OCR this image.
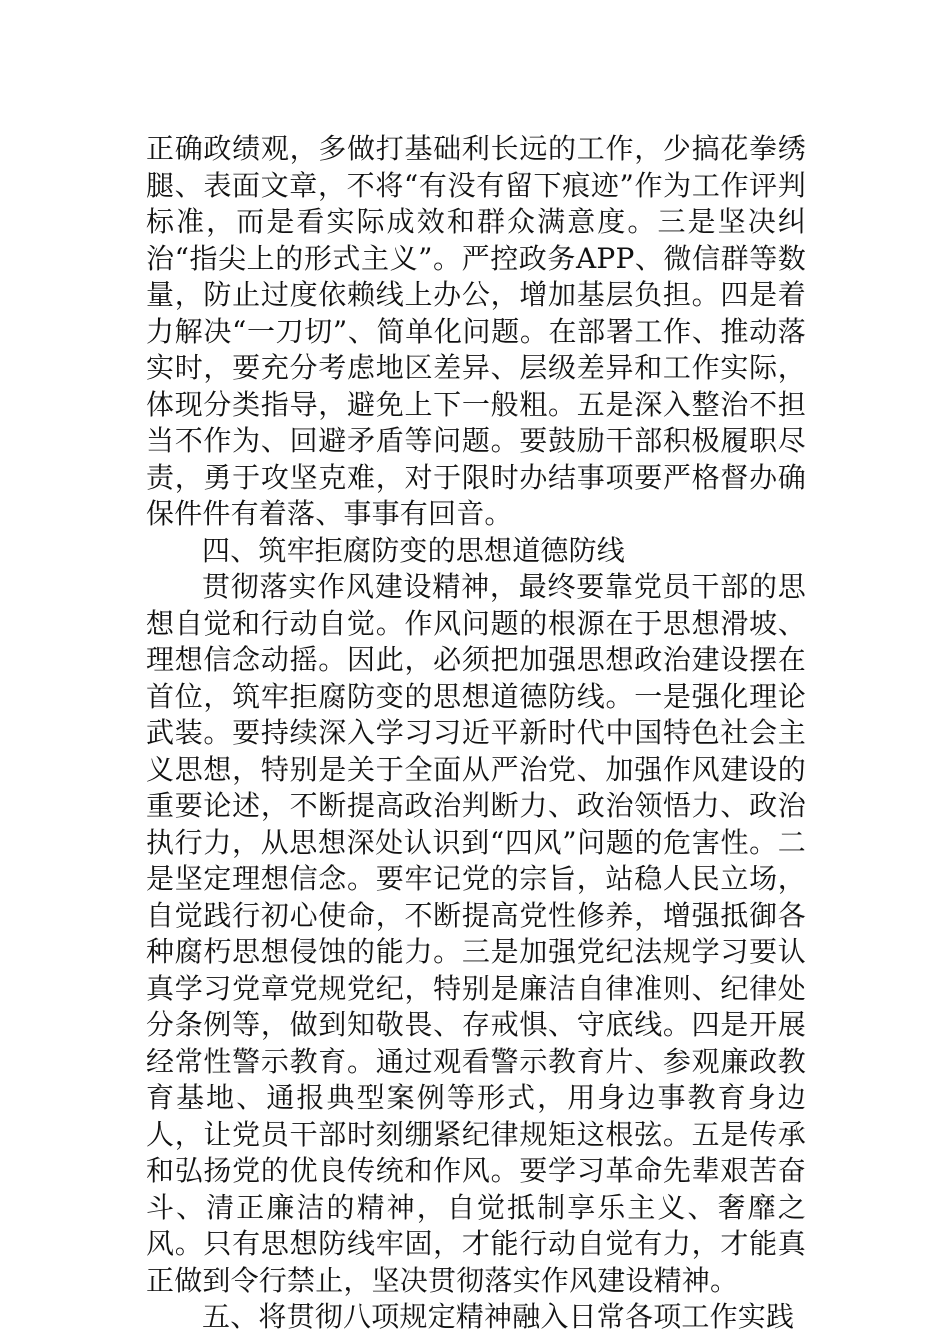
正确政绩观，多做打基础利长远的工作，少搞花拳绣腿、表面文章，不将“有没有留下痕迹”作为工作评判标准，而是看实际成效和群众满意度。三是坚决纠治“指尖上的形式主义”。严控政务APP、微信群等数量，防止过度依赖线上办公，增加基层负担。四是着力解决“一刀切”、简单化问题。在部署工作、推动落实时，要充分考虑地区差异、层级差异和工作实际，体现分类指导，避免上下一般粗。五是深入整治不担当不作为、回避矛盾等问题。要鼓励干部积极履职尽责，勇于攻坚克难，对于限时办结事项要严格督办确保件件有着落、事事有回音。

四、筑牢拒腐防变的思想道德防线

贯彻落实作风建设精神，最终要靠党员干部的思想自觉和行动自觉。作风问题的根源在于思想滑坡、理想信念动摇。因此，必须把加强思想政治建设摆在首位，筑牢拒腐防变的思想道德防线。一是强化理论武装。要持续深入学习习近平新时代中国特色社会主义思想，特别是关于全面从严治党、加强作风建设的重要论述，不断提高政治判断力、政治领悟力、政治执行力，从思想深处认识到“四风”问题的危害性。二是坚定理想信念。要牢记党的宗旨，站稳人民立场，自觉践行初心使命，不断提高党性修养，增强抵御各种腐朽思想侵蚀的能力。三是加强党纪法规学习要认真学习党章党规党纪，特别是廉洁自律准则、纪律处分条例等，做到知敬畏、存戒惧、守底线。四是开展经常性警示教育。通过观看警示教育片、参观廉政教育基地、通报典型案例等形式，用身边事教育身边人，让党员干部时刻绷紧纪律规矩这根弦。五是传承和弘扬党的优良传统和作风。要学习革命先辈艰苦奋斗、清正廉洁的精神，自觉抵制享乐主义、奢靡之风。只有思想防线牢固，才能行动自觉有力，才能真正做到令行禁止，坚决贯彻落实作风建设精神。

五、将贯彻八项规定精神融入日常各项工作实践
